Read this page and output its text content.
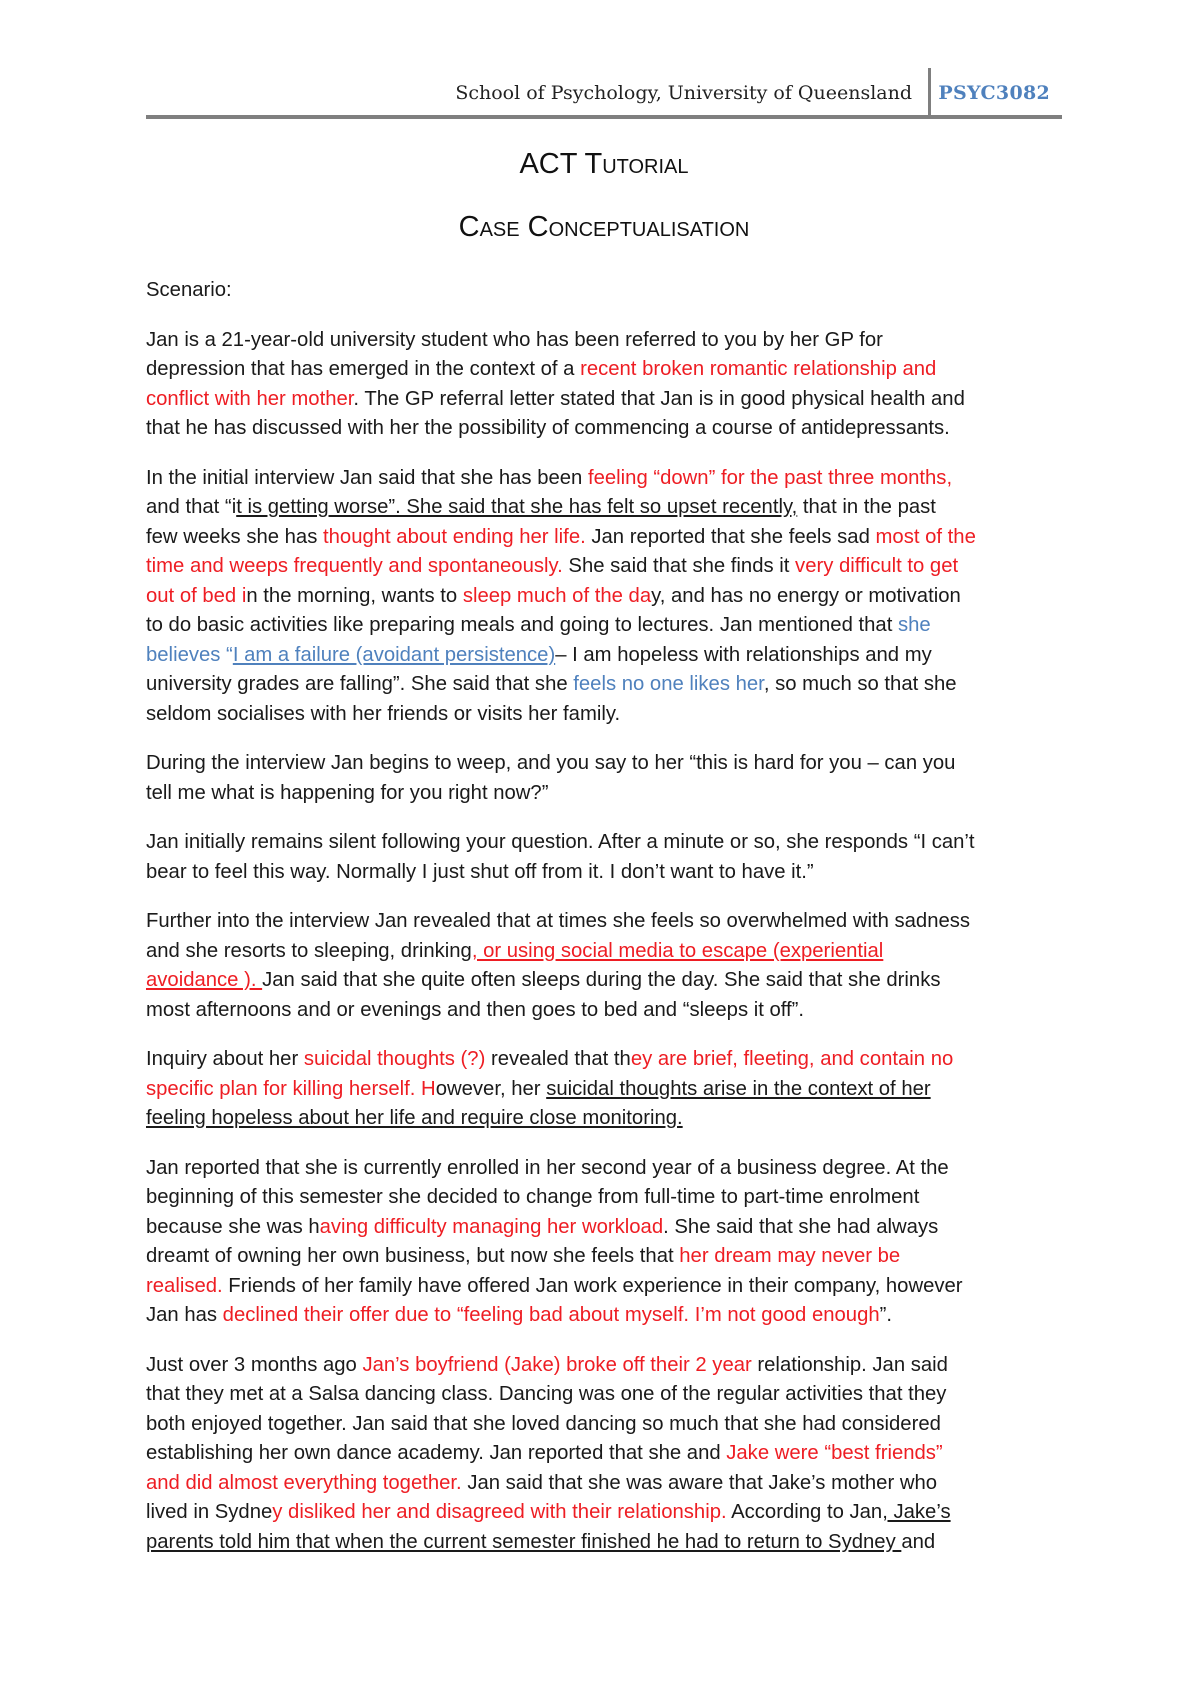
School of Psychology, University of Queensland PSYC3082
ACT Tutorial
Case Conceptualisation

Scenario:

Jan is a 21-year-old university student who has been referred to you by her GP for
depression that has emerged in the context of a recent broken romantic relationship and
conflict with her mother. The GP referral letter stated that Jan is in good physical health and
that he has discussed with her the possibility of commencing a course of antidepressants.

In the initial interview Jan said that she has been feeling “down” for the past three months,
and that “it is getting worse”. She said that she has felt so upset recently, that in the past
few weeks she has thought about ending her life. Jan reported that she feels sad most of the
time and weeps frequently and spontaneously. She said that she finds it very difficult to get
out of bed in the morning, wants to sleep much of the day, and has no energy or motivation
to do basic activities like preparing meals and going to lectures. Jan mentioned that she
believes “I am a failure (avoidant persistence)– I am hopeless with relationships and my
university grades are falling”. She said that she feels no one likes her, so much so that she
seldom socialises with her friends or visits her family.

During the interview Jan begins to weep, and you say to her “this is hard for you – can you
tell me what is happening for you right now?”

Jan initially remains silent following your question. After a minute or so, she responds “I can’t
bear to feel this way. Normally I just shut off from it. I don’t want to have it.”

Further into the interview Jan revealed that at times she feels so overwhelmed with sadness
and she resorts to sleeping, drinking, or using social media to escape (experiential
avoidance ). Jan said that she quite often sleeps during the day. She said that she drinks
most afternoons and or evenings and then goes to bed and “sleeps it off”.

Inquiry about her suicidal thoughts (?) revealed that they are brief, fleeting, and contain no
specific plan for killing herself. However, her suicidal thoughts arise in the context of her
feeling hopeless about her life and require close monitoring.

Jan reported that she is currently enrolled in her second year of a business degree. At the
beginning of this semester she decided to change from full-time to part-time enrolment
because she was having difficulty managing her workload. She said that she had always
dreamt of owning her own business, but now she feels that her dream may never be
realised. Friends of her family have offered Jan work experience in their company, however
Jan has declined their offer due to “feeling bad about myself. I’m not good enough”.

Just over 3 months ago Jan’s boyfriend (Jake) broke off their 2 year relationship. Jan said
that they met at a Salsa dancing class. Dancing was one of the regular activities that they
both enjoyed together. Jan said that she loved dancing so much that she had considered
establishing her own dance academy. Jan reported that she and Jake were “best friends”
and did almost everything together. Jan said that she was aware that Jake’s mother who
lived in Sydney disliked her and disagreed with their relationship. According to Jan, Jake’s
parents told him that when the current semester finished he had to return to Sydney and
